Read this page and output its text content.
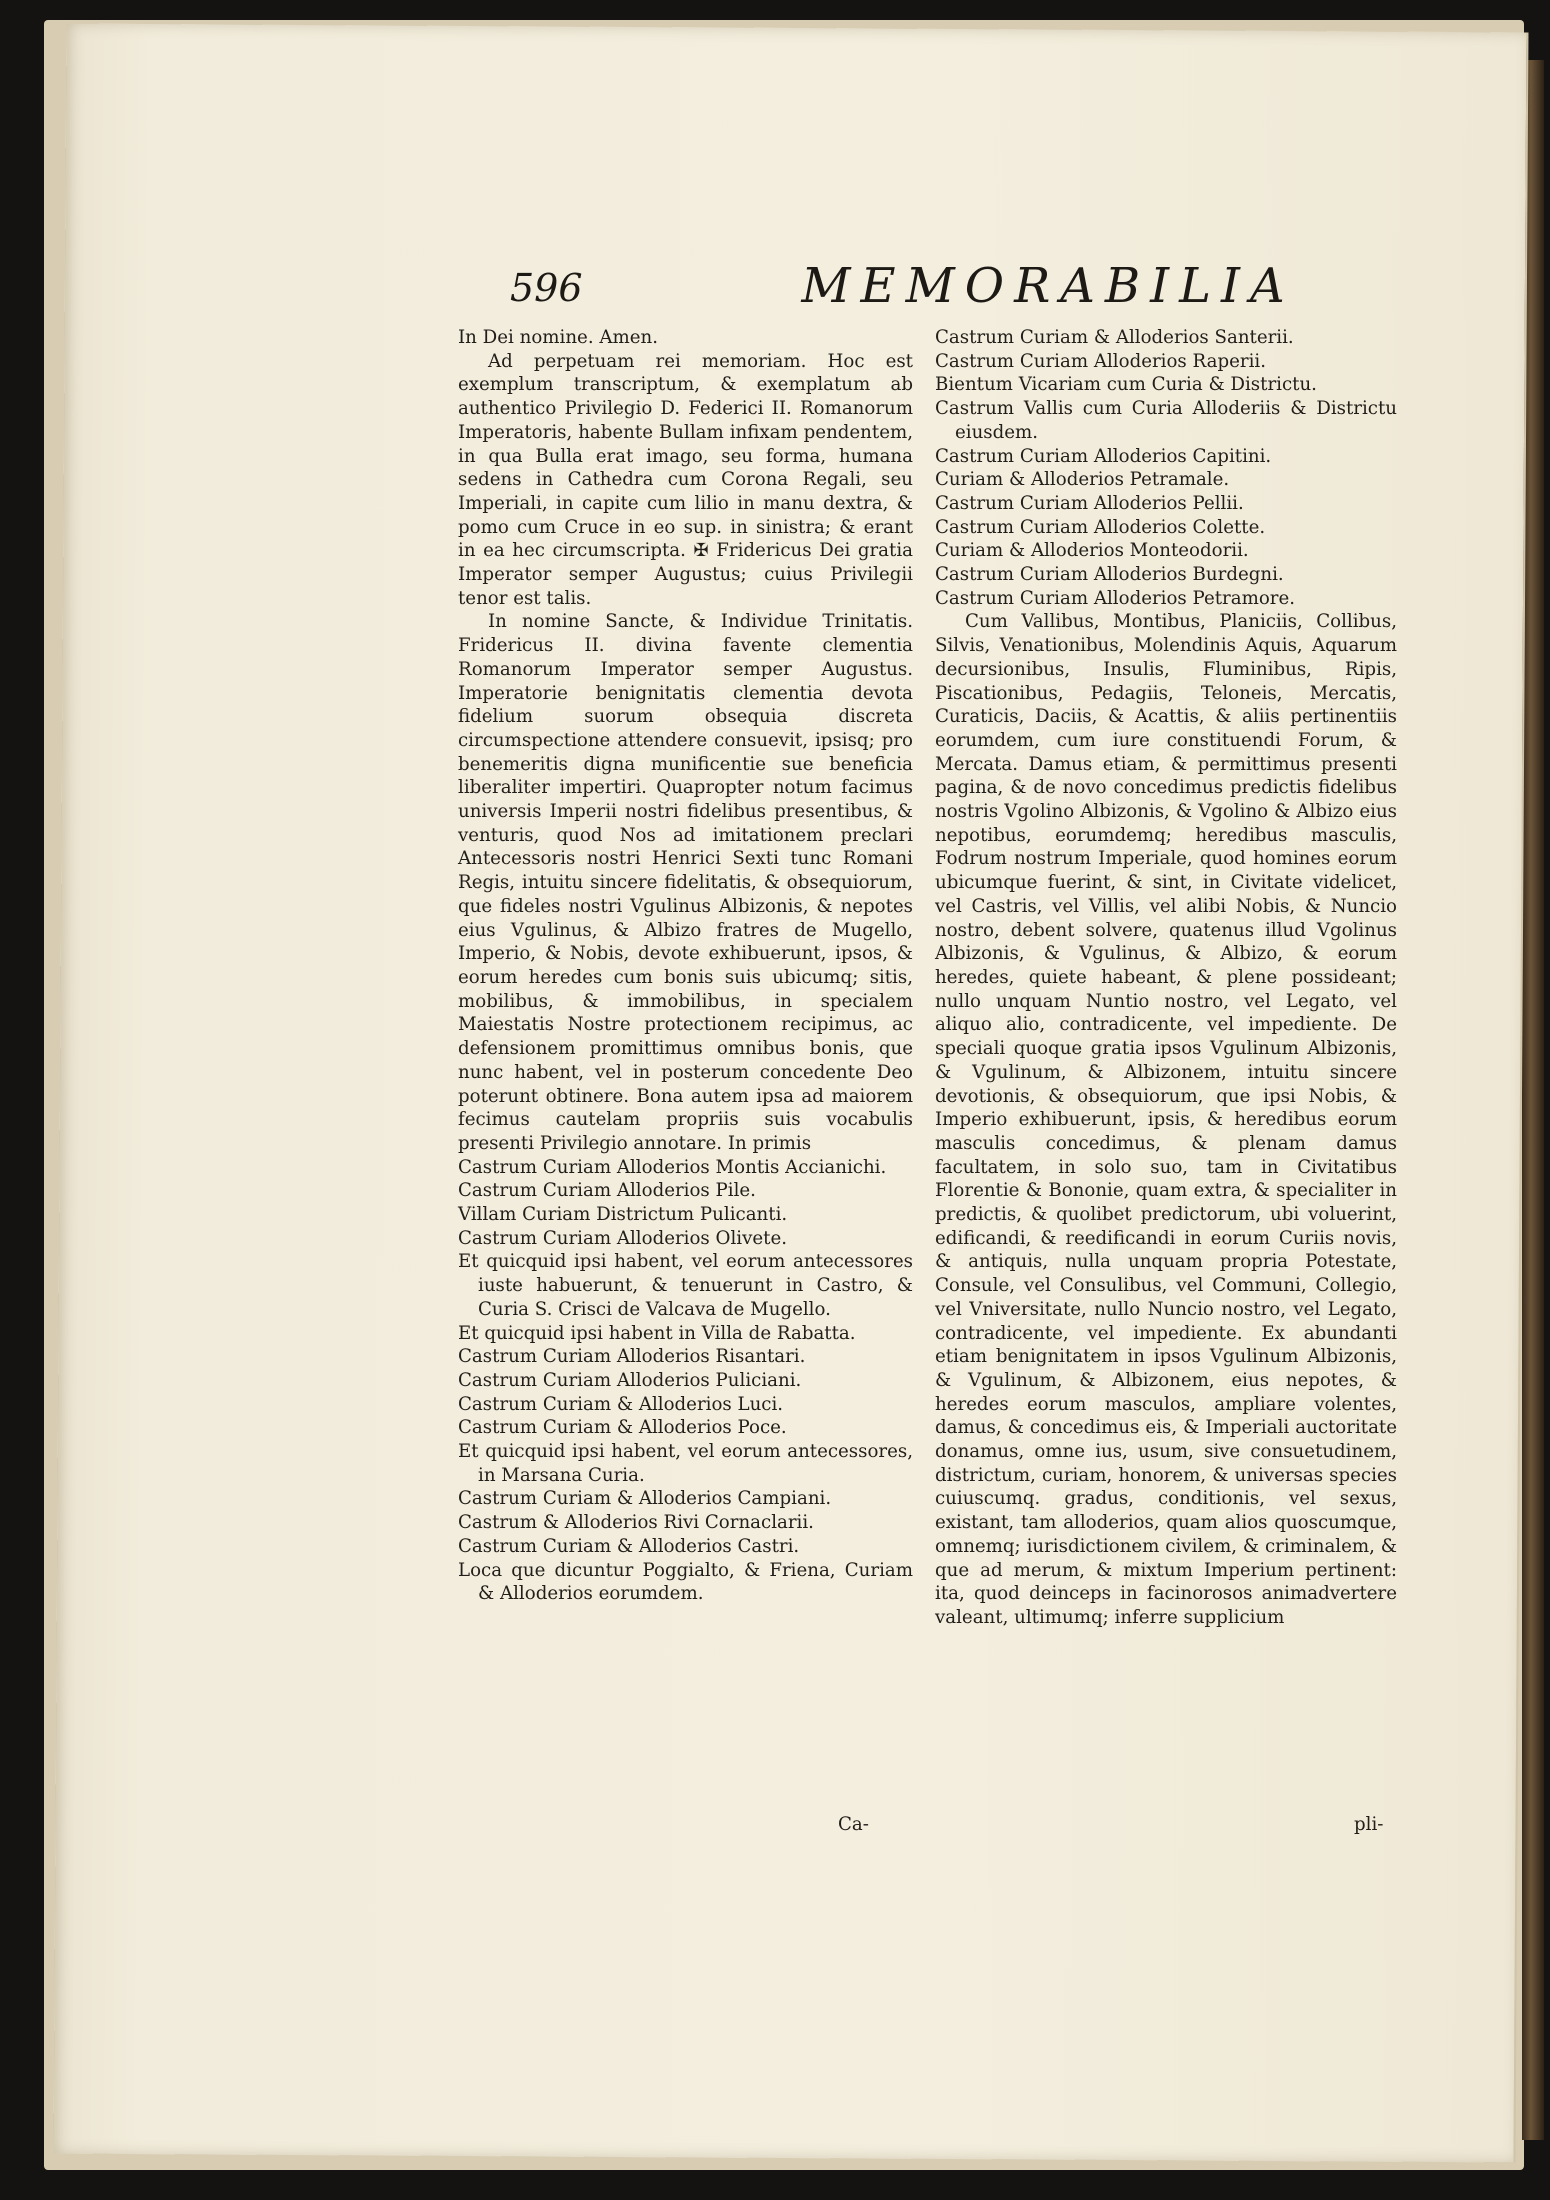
596	MEMORABILIA

In Dei nomine. Amen.

Ad perpetuam rei memoriam. Hoc est exemplum transcriptum, & exemplatum ab authentico Privilegio D. Federici II. Romanorum Imperatoris, habente Bullam infixam pendentem, in qua Bulla erat imago, seu forma, humana sedens in Cathedra cum Corona Regali, seu Imperiali, in capite cum lilio in manu dextra, & pomo cum Cruce in eo sup. in sinistra; & erant in ea hec circumscripta. ✠ Fridericus Dei gratia Imperator semper Augustus; cuius Privilegii tenor est talis.

In nomine Sancte, & Individue Trinitatis. Fridericus II. divina favente clementia Romanorum Imperator semper Augustus. Imperatorie benignitatis clementia devota fidelium suorum obsequia discreta circumspectione attendere consuevit, ipsisq; pro benemeritis digna munificentie sue beneficia liberaliter impertiri. Quapropter notum facimus universis Imperii nostri fidelibus presentibus, & venturis, quod Nos ad imitationem preclari Antecessoris nostri Henrici Sexti tunc Romani Regis, intuitu sincere fidelitatis, & obsequiorum, que fideles nostri Vgulinus Albizonis, & nepotes eius Vgulinus, & Albizo fratres de Mugello, Imperio, & Nobis, devote exhibuerunt, ipsos, & eorum heredes cum bonis suis ubicumq; sitis, mobilibus, & immobilibus, in specialem Maiestatis Nostre protectionem recipimus, ac defensionem promittimus omnibus bonis, que nunc habent, vel in posterum concedente Deo poterunt obtinere. Bona autem ipsa ad maiorem fecimus cautelam propriis suis vocabulis presenti Privilegio annotare. In primis

Castrum Curiam Alloderios Montis Accianichi.

Castrum Curiam Alloderios Pile.

Villam Curiam Districtum Pulicanti.

Castrum Curiam Alloderios Olivete.

Et quicquid ipsi habent, vel eorum antecessores iuste habuerunt, & tenuerunt in Castro, & Curia S. Crisci de Valcava de Mugello.

Et quicquid ipsi habent in Villa de Rabatta.

Castrum Curiam Alloderios Risantari.

Castrum Curiam Alloderios Puliciani.

Castrum Curiam & Alloderios Luci.

Castrum Curiam & Alloderios Poce.

Et quicquid ipsi habent, vel eorum antecessores, in Marsana Curia.

Castrum Curiam & Alloderios Campiani.

Castrum & Alloderios Rivi Cornaclarii.

Castrum Curiam & Alloderios Castri.

Loca que dicuntur Poggialto, & Friena, Curiam & Alloderios eorumdem.

Castrum Curiam & Alloderios Santerii.

Castrum Curiam Alloderios Raperii.

Bientum Vicariam cum Curia & Districtu.

Castrum Vallis cum Curia Alloderiis & Districtu eiusdem.

Castrum Curiam Alloderios Capitini.

Curiam & Alloderios Petramale.

Castrum Curiam Alloderios Pellii.

Castrum Curiam Alloderios Colette.

Curiam & Alloderios Monteodorii.

Castrum Curiam Alloderios Burdegni.

Castrum Curiam Alloderios Petramore.

Cum Vallibus, Montibus, Planiciis, Collibus, Silvis, Venationibus, Molendinis Aquis, Aquarum decursionibus, Insulis, Fluminibus, Ripis, Piscationibus, Pedagiis, Teloneis, Mercatis, Curaticis, Daciis, & Acattis, & aliis pertinentiis eorumdem, cum iure constituendi Forum, & Mercata. Damus etiam, & permittimus presenti pagina, & de novo concedimus predictis fidelibus nostris Vgolino Albizonis, & Vgolino & Albizo eius nepotibus, eorumdemq; heredibus masculis, Fodrum nostrum Imperiale, quod homines eorum ubicumque fuerint, & sint, in Civitate videlicet, vel Castris, vel Villis, vel alibi Nobis, & Nuncio nostro, debent solvere, quatenus illud Vgolinus Albizonis, & Vgulinus, & Albizo, & eorum heredes, quiete habeant, & plene possideant; nullo unquam Nuntio nostro, vel Legato, vel aliquo alio, contradicente, vel impediente. De speciali quoque gratia ipsos Vgulinum Albizonis, & Vgulinum, & Albizonem, intuitu sincere devotionis, & obsequiorum, que ipsi Nobis, & Imperio exhibuerunt, ipsis, & heredibus eorum masculis concedimus, & plenam damus facultatem, in solo suo, tam in Civitatibus Florentie & Bononie, quam extra, & specialiter in predictis, & quolibet predictorum, ubi voluerint, edificandi, & reedificandi in eorum Curiis novis, & antiquis, nulla unquam propria Potestate, Consule, vel Consulibus, vel Communi, Collegio, vel Vniversitate, nullo Nuncio nostro, vel Legato, contradicente, vel impediente. Ex abundanti etiam benignitatem in ipsos Vgulinum Albizonis, & Vgulinum, & Albizonem, eius nepotes, & heredes eorum masculos, ampliare volentes, damus, & concedimus eis, & Imperiali auctoritate donamus, omne ius, usum, sive consuetudinem, districtum, curiam, honorem, & universas species cuiuscumq. gradus, conditionis, vel sexus, existant, tam alloderios, quam alios quoscumque, omnemq; iurisdictionem civilem, & criminalem, & que ad merum, & mixtum Imperium pertinent: ita, quod deinceps in facinorosos animadvertere valeant, ultimumq; inferre supplicium

Ca-	pli-
